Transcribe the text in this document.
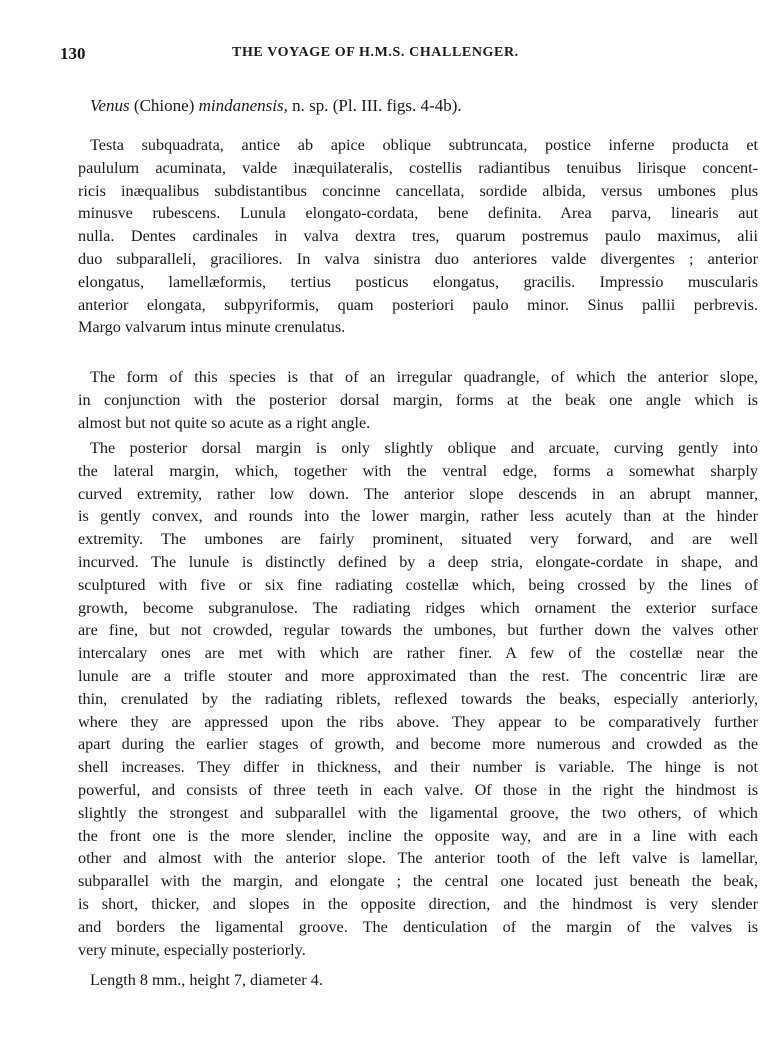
130	THE VOYAGE OF H.M.S. CHALLENGER.
Venus (Chione) mindanensis, n. sp. (Pl. III. figs. 4-4b).
Testa subquadrata, antice ab apice oblique subtruncata, postice inferne producta et
paululum acuminata, valde inæquilateralis, costellis radiantibus tenuibus lirisque concent-
ricis inæqualibus subdistantibus concinne cancellata, sordide albida, versus umbones plus
minusve rubescens. Lunula elongato-cordata, bene definita. Area parva, linearis aut
nulla. Dentes cardinales in valva dextra tres, quarum postremus paulo maximus, alii
duo subparalleli, graciliores. In valva sinistra duo anteriores valde divergentes ; anterior
elongatus, lamellæformis, tertius posticus elongatus, gracilis. Impressio muscularis
anterior elongata, subpyriformis, quam posteriori paulo minor. Sinus pallii perbrevis.
Margo valvarum intus minute crenulatus.
The form of this species is that of an irregular quadrangle, of which the anterior slope,
in conjunction with the posterior dorsal margin, forms at the beak one angle which is
almost but not quite so acute as a right angle.
The posterior dorsal margin is only slightly oblique and arcuate, curving gently into
the lateral margin, which, together with the ventral edge, forms a somewhat sharply
curved extremity, rather low down. The anterior slope descends in an abrupt manner,
is gently convex, and rounds into the lower margin, rather less acutely than at the hinder
extremity. The umbones are fairly prominent, situated very forward, and are well
incurved. The lunule is distinctly defined by a deep stria, elongate-cordate in shape, and
sculptured with five or six fine radiating costellæ which, being crossed by the lines of
growth, become subgranulose. The radiating ridges which ornament the exterior surface
are fine, but not crowded, regular towards the umbones, but further down the valves other
intercalary ones are met with which are rather finer. A few of the costellæ near the
lunule are a trifle stouter and more approximated than the rest. The concentric liræ are
thin, crenulated by the radiating riblets, reflexed towards the beaks, especially anteriorly,
where they are appressed upon the ribs above. They appear to be comparatively further
apart during the earlier stages of growth, and become more numerous and crowded as the
shell increases. They differ in thickness, and their number is variable. The hinge is not
powerful, and consists of three teeth in each valve. Of those in the right the hindmost is
slightly the strongest and subparallel with the ligamental groove, the two others, of which
the front one is the more slender, incline the opposite way, and are in a line with each
other and almost with the anterior slope. The anterior tooth of the left valve is lamellar,
subparallel with the margin, and elongate ; the central one located just beneath the beak,
is short, thicker, and slopes in the opposite direction, and the hindmost is very slender
and borders the ligamental groove. The denticulation of the margin of the valves is
very minute, especially posteriorly.
Length 8 mm., height 7, diameter 4.
